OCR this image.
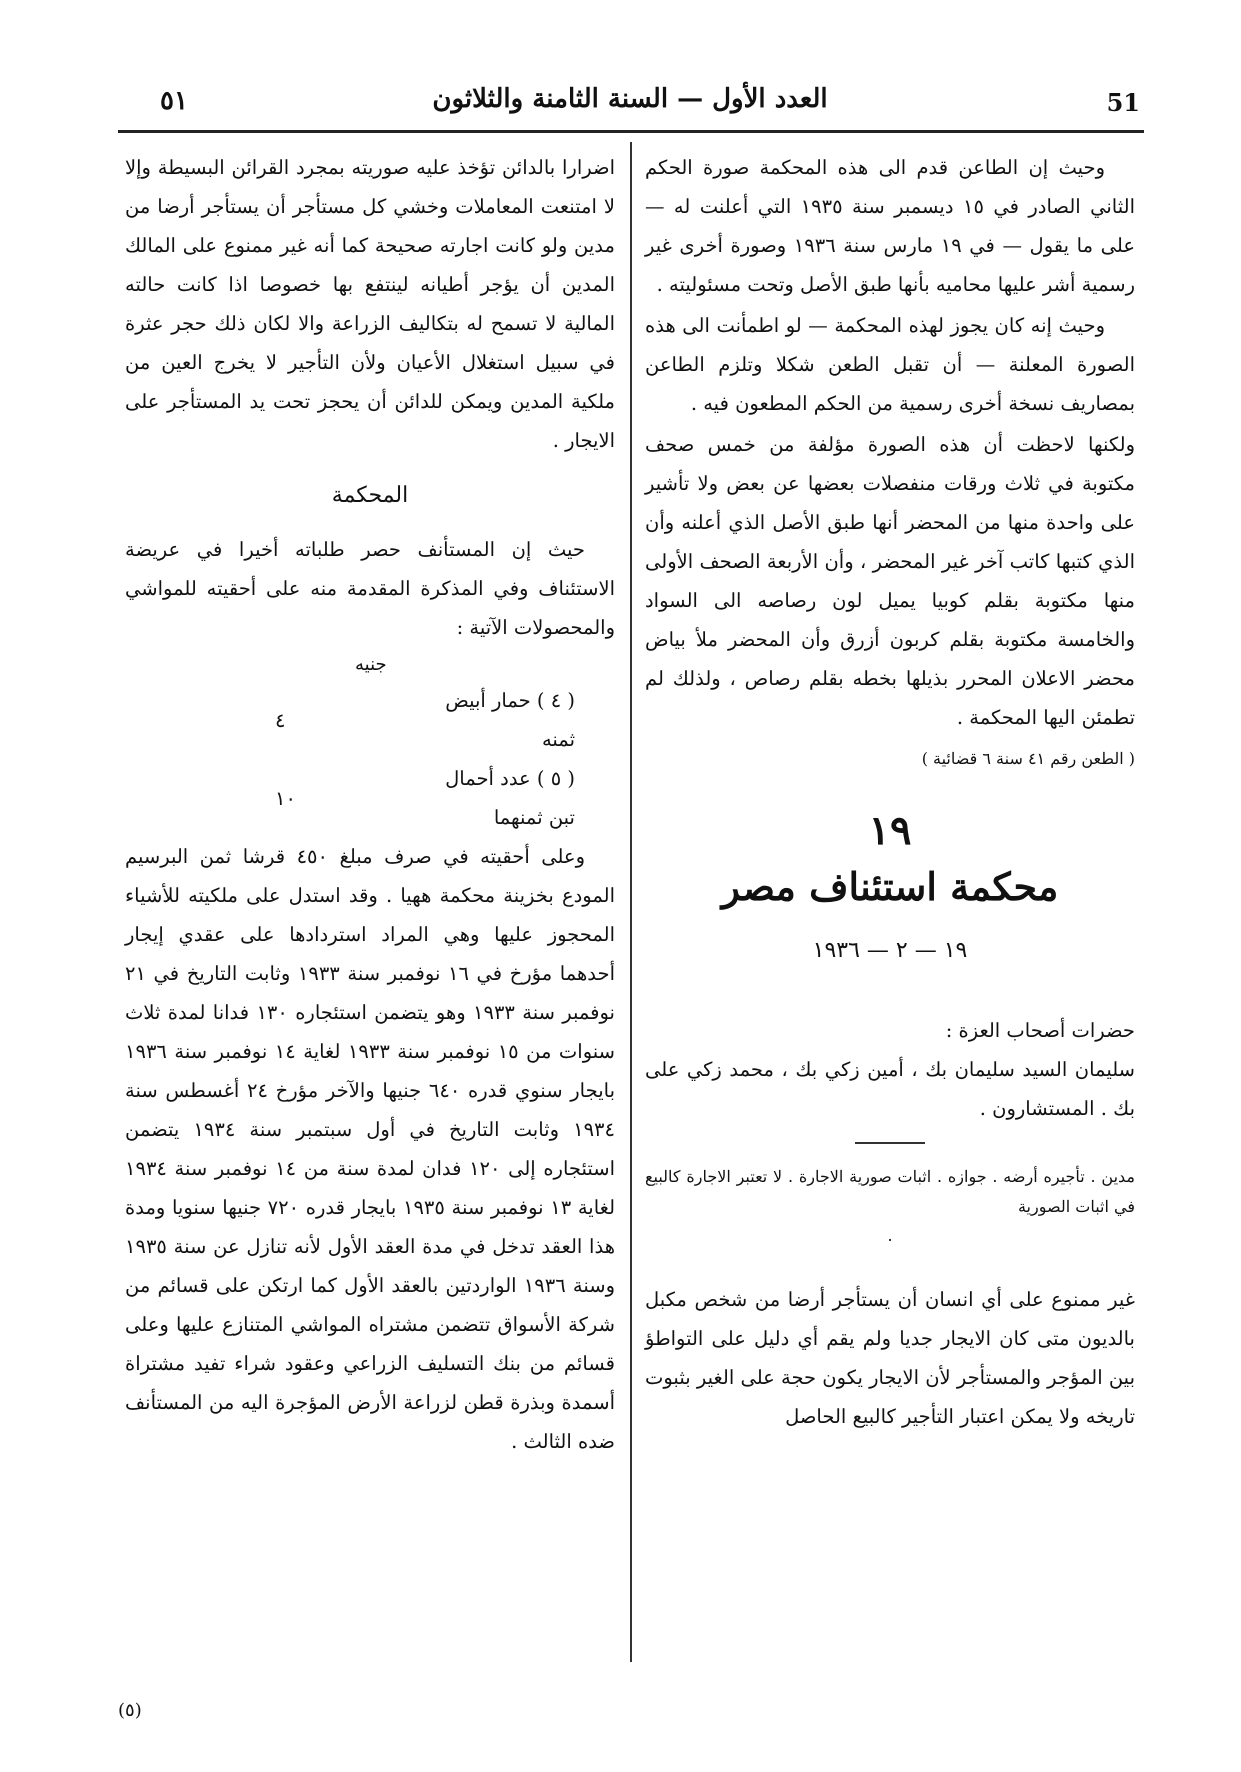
51
العدد الأول — السنة الثامنة والثلاثون
٥١

وحيث إن الطاعن قدم الى هذه المحكمة صورة الحكم الثاني الصادر في ١٥ ديسمبر سنة ١٩٣٥ التي أعلنت له — على ما يقول — في ١٩ مارس سنة ١٩٣٦ وصورة أخرى غير رسمية أشر عليها محاميه بأنها طبق الأصل وتحت مسئوليته .

وحيث إنه كان يجوز لهذه المحكمة — لو اطمأنت الى هذه الصورة المعلنة — أن تقبل الطعن شكلا وتلزم الطاعن بمصاريف نسخة أخرى رسمية من الحكم المطعون فيه .

ولكنها لاحظت أن هذه الصورة مؤلفة من خمس صحف مكتوبة في ثلاث ورقات منفصلات بعضها عن بعض ولا تأشير على واحدة منها من المحضر أنها طبق الأصل الذي أعلنه وأن الذي كتبها كاتب آخر غير المحضر ، وأن الأربعة الصحف الأولى منها مكتوبة بقلم كوبيا يميل لون رصاصه الى السواد والخامسة مكتوبة بقلم كربون أزرق وأن المحضر ملأ بياض محضر الاعلان المحرر بذيلها بخطه بقلم رصاص ، ولذلك لم تطمئن اليها المحكمة .

( الطعن رقم ٤١ سنة ٦ قضائية )

١٩
محكمة استئناف مصر
١٩ — ٢ — ١٩٣٦

حضرات أصحاب العزة :

سليمان السيد سليمان بك ، أمين زكي بك ، محمد زكي على بك . المستشارون .

مدين . تأجيره أرضه . جوازه . اثبات صورية الاجارة . لا تعتبر الاجارة كالبيع في اثبات الصورية

.

غير ممنوع على أي انسان أن يستأجر أرضا من شخص مكبل بالديون متى كان الايجار جديا ولم يقم أي دليل على التواطؤ بين المؤجر والمستأجر لأن الايجار يكون حجة على الغير بثبوت تاريخه ولا يمكن اعتبار التأجير كالبيع الحاصل

اضرارا بالدائن تؤخذ عليه صوريته بمجرد القرائن البسيطة وإلا لا امتنعت المعاملات وخشي كل مستأجر أن يستأجر أرضا من مدين ولو كانت اجارته صحيحة كما أنه غير ممنوع على المالك المدين أن يؤجر أطيانه لينتفع بها خصوصا اذا كانت حالته المالية لا تسمح له بتكاليف الزراعة والا لكان ذلك حجر عثرة في سبيل استغلال الأعيان ولأن التأجير لا يخرج العين من ملكية المدين ويمكن للدائن أن يحجز تحت يد المستأجر على الايجار .

المحكمة

حيث إن المستأنف حصر طلباته أخيرا في عريضة الاستئناف وفي المذكرة المقدمة منه على أحقيته للمواشي والمحصولات الآتية :

جنيه
( ٤ ) حمار أبيض ثمنه	٤
( ٥ ) عدد أحمال تبن ثمنهما	١٠

وعلى أحقيته في صرف مبلغ ٤٥٠ قرشا ثمن البرسيم المودع بخزينة محكمة ههيا . وقد استدل على ملكيته للأشياء المحجوز عليها وهي المراد استردادها على عقدي إيجار أحدهما مؤرخ في ١٦ نوفمبر سنة ١٩٣٣ وثابت التاريخ في ٢١ نوفمبر سنة ١٩٣٣ وهو يتضمن استئجاره ١٣٠ فدانا لمدة ثلاث سنوات من ١٥ نوفمبر سنة ١٩٣٣ لغاية ١٤ نوفمبر سنة ١٩٣٦ بايجار سنوي قدره ٦٤٠ جنيها والآخر مؤرخ ٢٤ أغسطس سنة ١٩٣٤ وثابت التاريخ في أول سبتمبر سنة ١٩٣٤ يتضمن استئجاره إلى ١٢٠ فدان لمدة سنة من ١٤ نوفمبر سنة ١٩٣٤ لغاية ١٣ نوفمبر سنة ١٩٣٥ بايجار قدره ٧٢٠ جنيها سنويا ومدة هذا العقد تدخل في مدة العقد الأول لأنه تنازل عن سنة ١٩٣٥ وسنة ١٩٣٦ الواردتين بالعقد الأول كما ارتكن على قسائم من شركة الأسواق تتضمن مشتراه المواشي المتنازع عليها وعلى قسائم من بنك التسليف الزراعي وعقود شراء تفيد مشتراة أسمدة وبذرة قطن لزراعة الأرض المؤجرة اليه من المستأنف ضده الثالث .

(٥)
